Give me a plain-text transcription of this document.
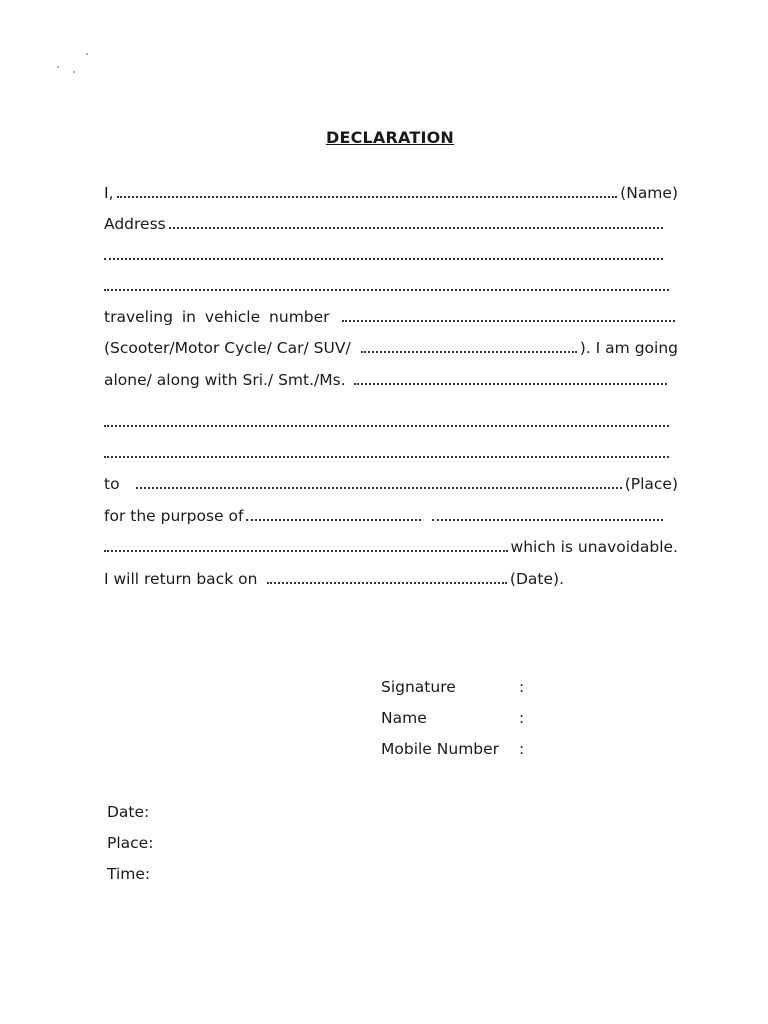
DECLARATION
I,	(Name)
Address
traveling in vehicle number
(Scooter/Motor Cycle/ Car/ SUV/	). I am going
alone/ along with Sri./ Smt./Ms.
to	(Place)
for the purpose of
which is unavoidable.
I will return back on	(Date).
Signature	:
Name	:
Mobile Number :
Date:
Place:
Time:
